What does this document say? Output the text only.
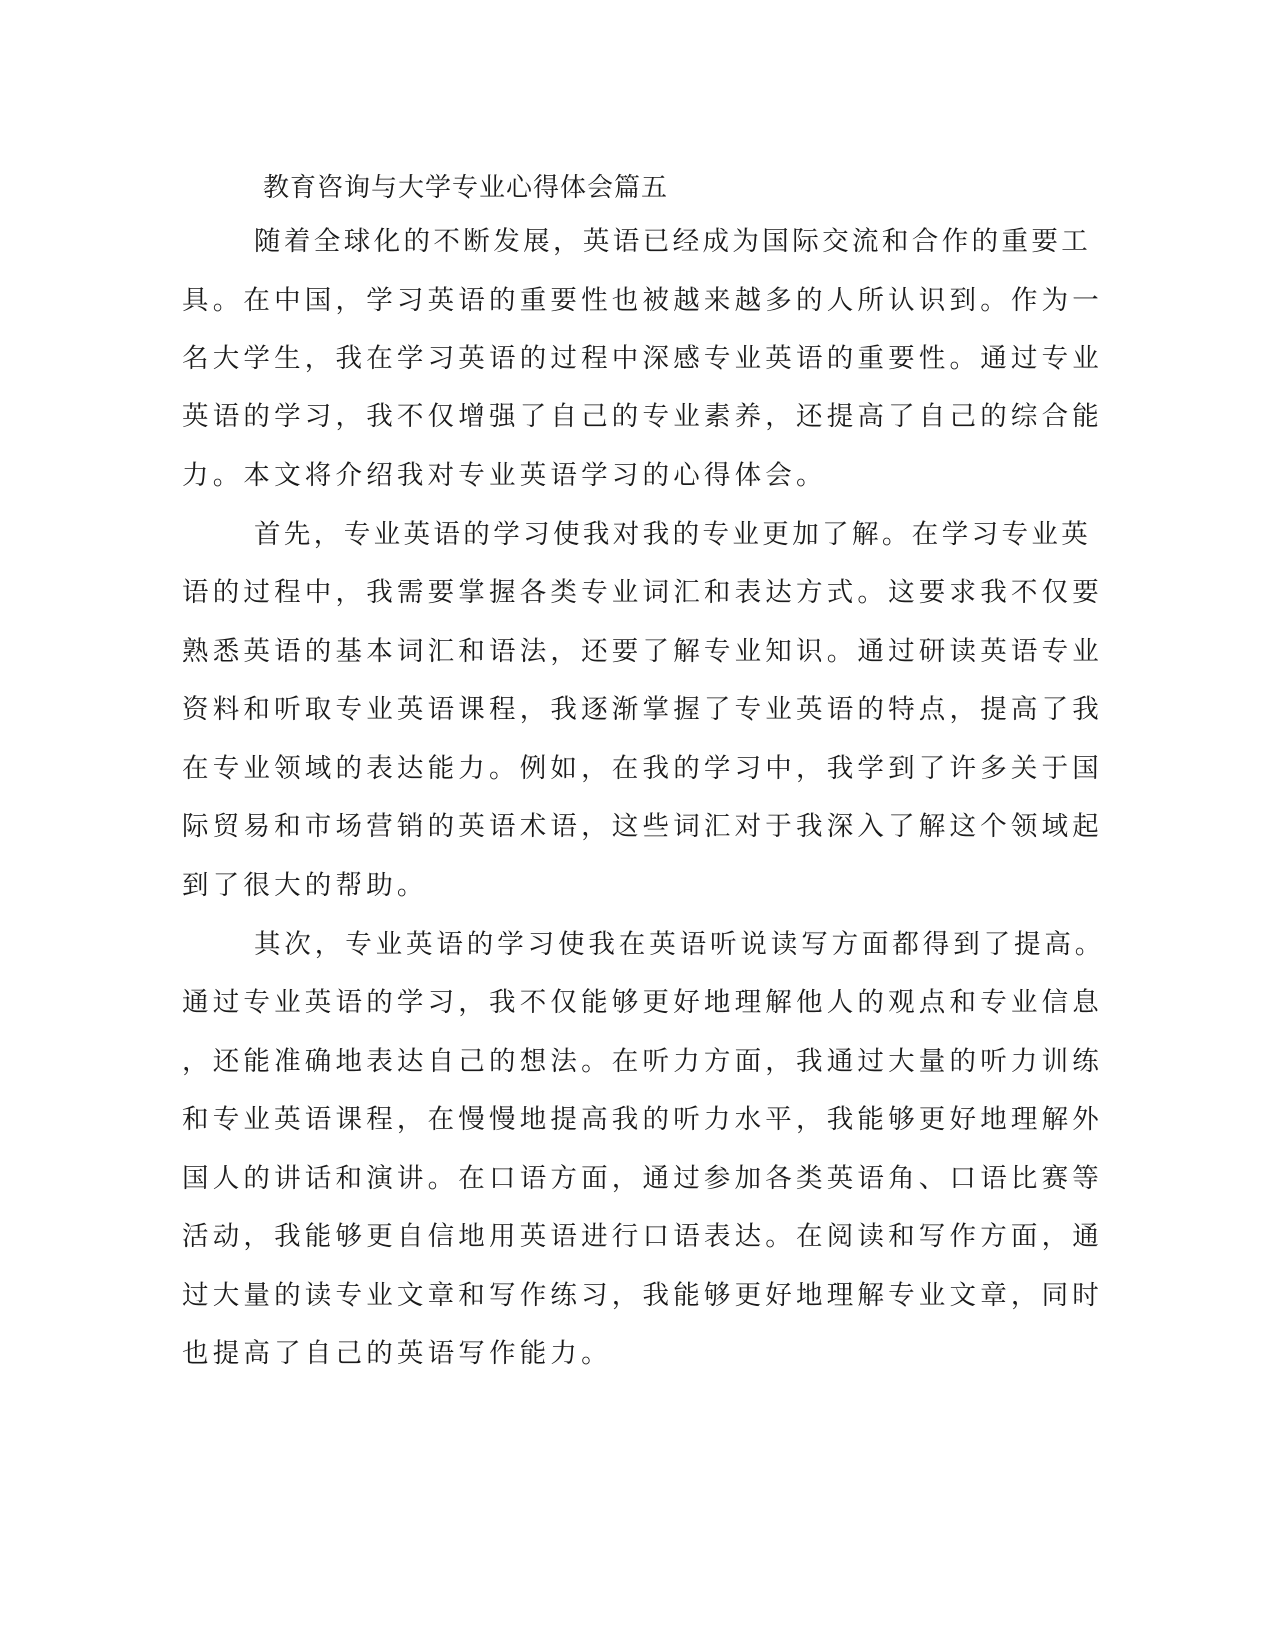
教育咨询与大学专业心得体会篇五
随着全球化的不断发展，英语已经成为国际交流和合作的重要工
具。在中国，学习英语的重要性也被越来越多的人所认识到。作为一
名大学生，我在学习英语的过程中深感专业英语的重要性。通过专业
英语的学习，我不仅增强了自己的专业素养，还提高了自己的综合能
力。本文将介绍我对专业英语学习的心得体会。
首先，专业英语的学习使我对我的专业更加了解。在学习专业英
语的过程中，我需要掌握各类专业词汇和表达方式。这要求我不仅要
熟悉英语的基本词汇和语法，还要了解专业知识。通过研读英语专业
资料和听取专业英语课程，我逐渐掌握了专业英语的特点，提高了我
在专业领域的表达能力。例如，在我的学习中，我学到了许多关于国
际贸易和市场营销的英语术语，这些词汇对于我深入了解这个领域起
到了很大的帮助。
其次，专业英语的学习使我在英语听说读写方面都得到了提高。
通过专业英语的学习，我不仅能够更好地理解他人的观点和专业信息
，还能准确地表达自己的想法。在听力方面，我通过大量的听力训练
和专业英语课程，在慢慢地提高我的听力水平，我能够更好地理解外
国人的讲话和演讲。在口语方面，通过参加各类英语角、口语比赛等
活动，我能够更自信地用英语进行口语表达。在阅读和写作方面，通
过大量的读专业文章和写作练习，我能够更好地理解专业文章，同时
也提高了自己的英语写作能力。
